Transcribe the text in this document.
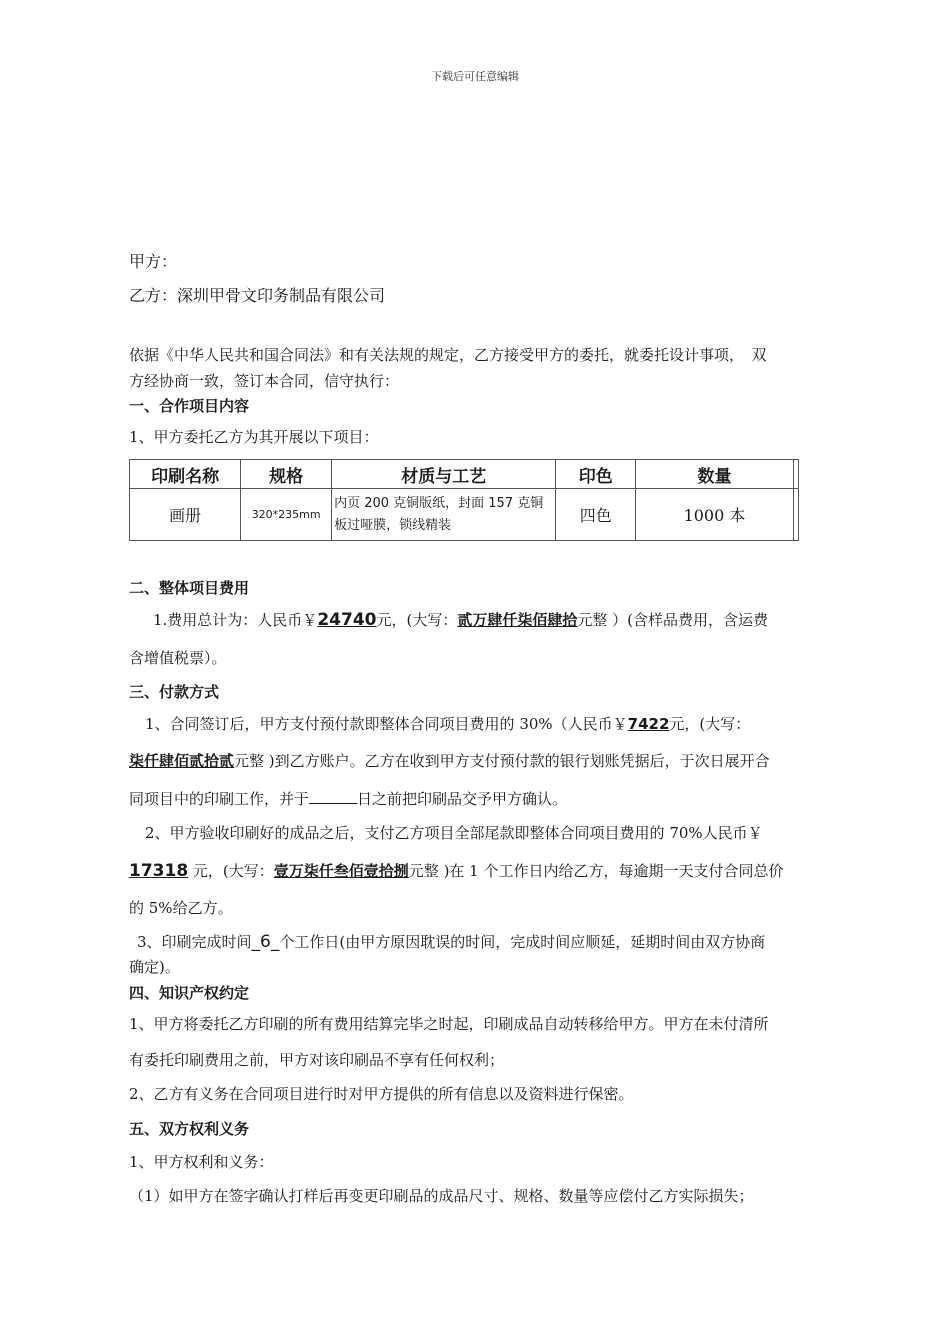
下载后可任意编辑
甲方：
乙方：深圳甲骨文印务制品有限公司
依据《中华人民共和国合同法》和有关法规的规定，乙方接受甲方的委托，就委托设计事项，　双
方经协商一致，签订本合同，信守执行：
一、合作项目内容
1、甲方委托乙方为其开展以下项目：
印刷名称	规格	材质与工艺	印色	数量	
画册	320*235mm	内页 200 克铜版纸，封面 157 克铜板过哑膜，锁线精装	四色	1000 本	
二、整体项目费用
1.费用总计为：人民币￥24740元，(大写：贰万肆仟柒佰肆拾元整 ）(含样品费用，含运费
含增值税票）。
三、付款方式
1、合同签订后，甲方支付预付款即整体合同项目费用的 30%（人民币￥7422元，(大写：
柒仟肆佰贰拾贰元整 )到乙方账户。乙方在收到甲方支付预付款的银行划账凭据后，于次日展开合
同项目中的印刷工作，并于	日之前把印刷品交予甲方确认。
2、甲方验收印刷好的成品之后，支付乙方项目全部尾款即整体合同项目费用的 70%人民币￥
17318 元，(大写：壹万柒仟叁佰壹拾捌元整 )在 1 个工作日内给乙方，每逾期一天支付合同总价
的 5%给乙方。
3、印刷完成时间_6_个工作日(由甲方原因耽误的时间，完成时间应顺延，延期时间由双方协商
确定)。
四、知识产权约定
1、甲方将委托乙方印刷的所有费用结算完毕之时起，印刷成品自动转移给甲方。甲方在未付清所
有委托印刷费用之前，甲方对该印刷品不享有任何权利；
2、乙方有义务在合同项目进行时对甲方提供的所有信息以及资料进行保密。
五、双方权利义务
1、甲方权利和义务：
（1）如甲方在签字确认打样后再变更印刷品的成品尺寸、规格、数量等应偿付乙方实际损失；
